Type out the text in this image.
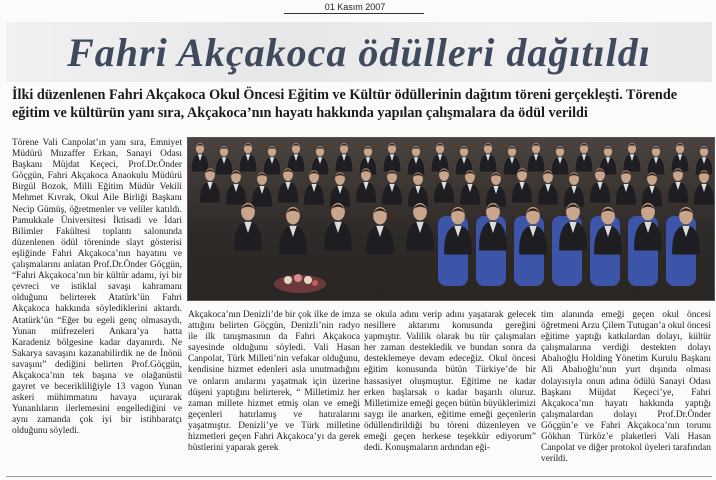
01 Kasım 2007
Fahri Akçakoca ödülleri dağıtıldı
İlki düzenlenen Fahri Akçakoca Okul Öncesi Eğitim ve Kültür ödüllerinin dağıtım töreni gerçekleşti. Törende eğitim ve kültürün yanı sıra, Akçakoca’nın hayatı hakkında yapılan çalışmalara da ödül verildi

Törene Vali Canpolat’ın yanı sıra, Emniyet Müdürü Muzaffer Erkan, Sanayi Odası Başkanı Müjdat Keçeci, Prof.Dr.Önder Göçgün, Fahri Akçakoca Anaokulu Müdürü Birgül Bozok, Milli Eğitim Müdür Vekili Mehmet Kıvrak, Okul Aile Birliği Başkanı Necip Gümüş, öğretmenler ve veliler katıldı. Pamukkale Üniversitesi İktisadi ve İdari Bilimler Fakültesi toplantı salonunda düzenlenen ödül töreninde slayt gösterisi eşliğinde Fahri Akçakoca’nın hayatını ve çalışmalarını anlatan Prof.Dr.Önder Göçgün, “Fahri Akçakoca’nın bir kültür adamı, iyi bir çevreci ve istiklal savaşı kahramanı olduğunu belirterek Atatürk’ün Fahri Akçakoca hakkında söylediklerini aktardı. Atatürk’ün “Eğer bu egeli genç olmasaydı, Yunan müfrezeleri Ankara’ya hatta Karadeniz bölgesine kadar dayanırdı. Ne Sakarya savaşını kazanabilirdik ne de İnönü savaşını” dediğini belirten Prof.Göçgün, Akçakoca’nın tek başına ve olağanüstü gayret ve becerikliliğiyle 13 vagon Yunan askeri mühimmatını havaya uçurarak Yunanlıların ilerlemesini engellediğini ve aynı zamanda çok iyi bir istihbaratçı olduğunu söyledi.

Akçakoca’nın Denizli’de bir çok ilke de imza attığını belirten Göçgün, Denizli’nin radyo ile ilk tanışmasının da Fahri Akçakoca sayesinde olduğunu söyledi. Vali Hasan Canpolat, Türk Milleti’nin vefakar olduğunu, kendisine hizmet edenleri asla unutmadığını ve onların anılarını yaşatmak için üzerine düşeni yaptığını belirterek, “ Milletimiz her zaman millete hizmet etmiş olan ve emeği geçenleri hatırlamış ve hatıralarını yaşatmıştır. Denizli’ye ve Türk milletine hizmetleri geçen Fahri Akçakoca’yı da gerek büstlerini yaparak gerek

se okula adını verip adını yaşatarak gelecek nesillere aktarımı konusunda gereğini yapmıştır. Valilik olarak bu tür çalışmaları her zaman destekledik ve bundan sonra da desteklemeye devam edeceğiz. Okul öncesi eğitim konusunda bütün Türkiye’de bir hassasiyet oluşmuştur. Eğitime ne kadar erken başlarsak o kadar başarılı oluruz. Milletimize emeği geçen bütün büyüklerimizi saygı ile anarken, eğitime emeği geçenlerin ödüllendirildiği bu töreni düzenleyen ve emeği geçen herkese teşekkür ediyorum” dedi. Konuşmaların ardından eği-

tim alanında emeği geçen okul öncesi öğretmeni Arzu Çilem Tutugan’a okul öncesi eğitime yaptığı katkılardan dolayı, kültür çalışmalarına verdiği destekten dolayı Abalıoğlu Holding Yönetim Kurulu Başkanı Ali Abalıoğlu’nun yurt dışında olması dolayısıyla onun adına ödülü Sanayi Odası Başkanı Müjdat Keçeci’ye, Fahri Akçakoca’nın hayatı hakkında yaptığı çalışmalardan dolayı Prof.Dr.Önder Göçgün’e ve Fahri Akçakoca’nın torunu Gökhan Türköz’e plaketleri Vali Hasan Canpolat ve diğer protokol üyeleri tarafından verildi.
